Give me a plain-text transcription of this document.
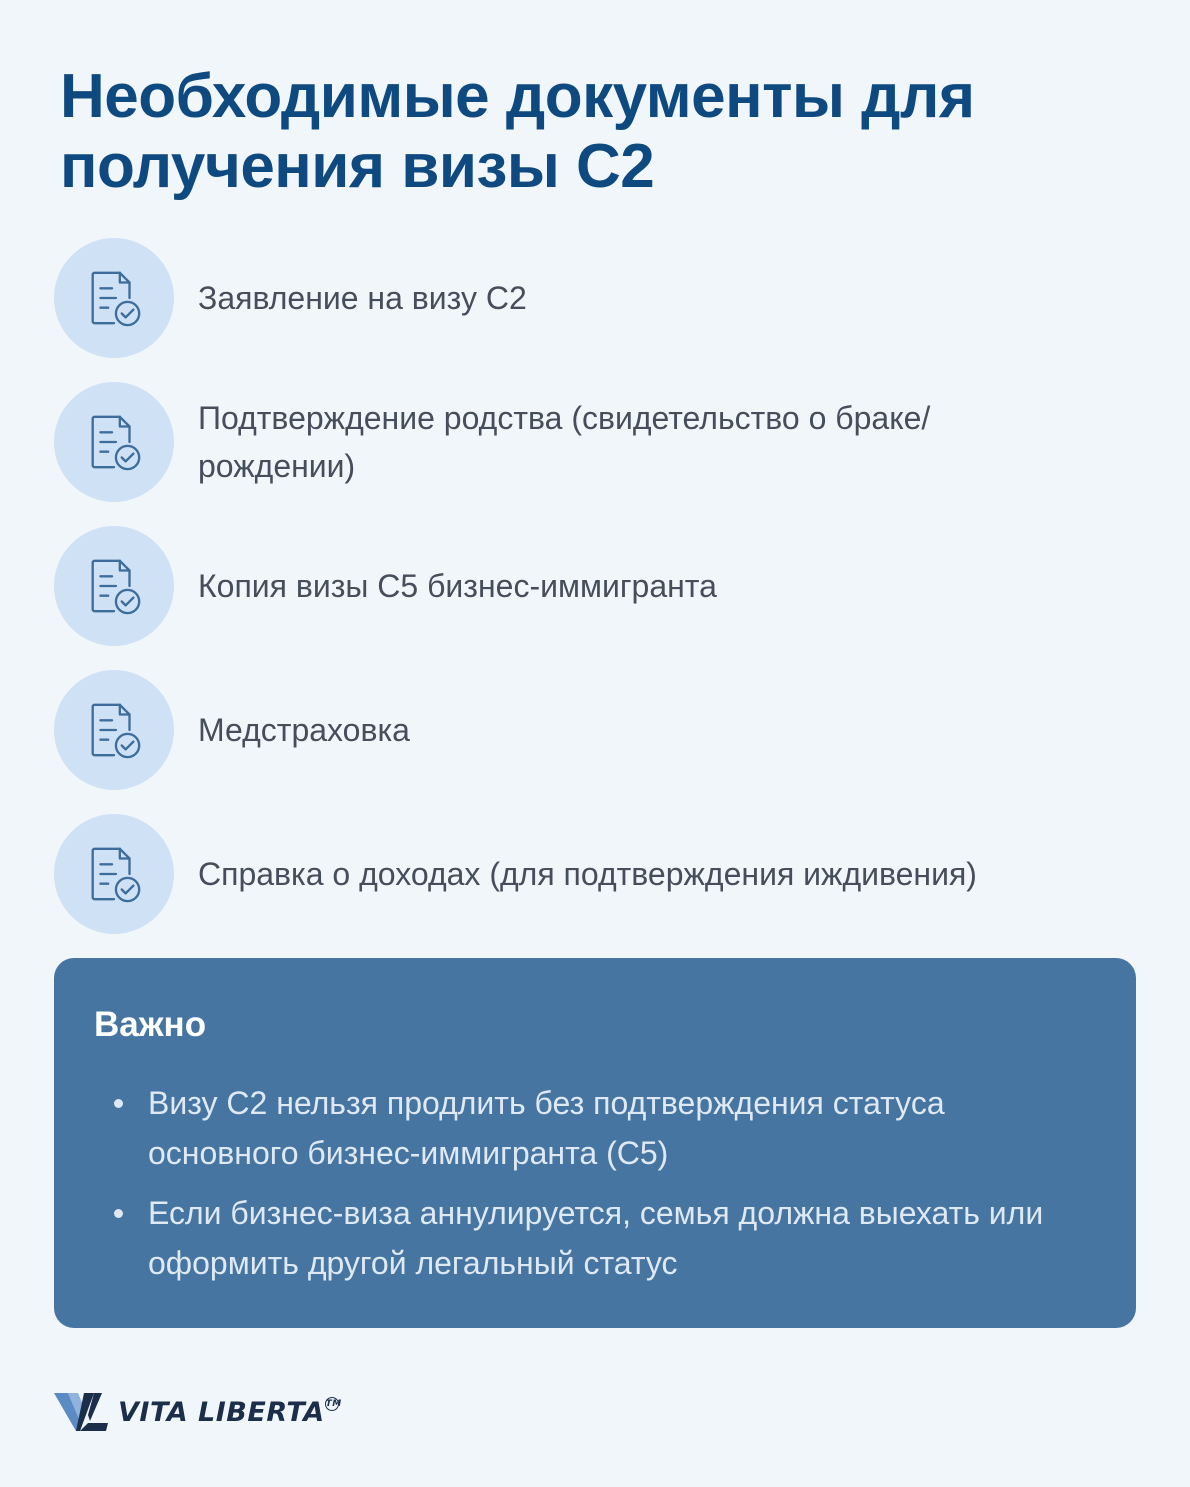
Необходимые документы для получения визы С2
Заявление на визу С2
Подтверждение родства (свидетельство о браке/ рождении)
Копия визы С5 бизнес-иммигранта
Медстраховка
Справка о доходах (для подтверждения иждивения)
Важно
Визу С2 нельзя продлить без подтверждения статуса основного бизнес-иммигранта (С5)
Если бизнес-виза аннулируется, семья должна выехать или оформить другой легальный статус
VITA LIBERTA TM
